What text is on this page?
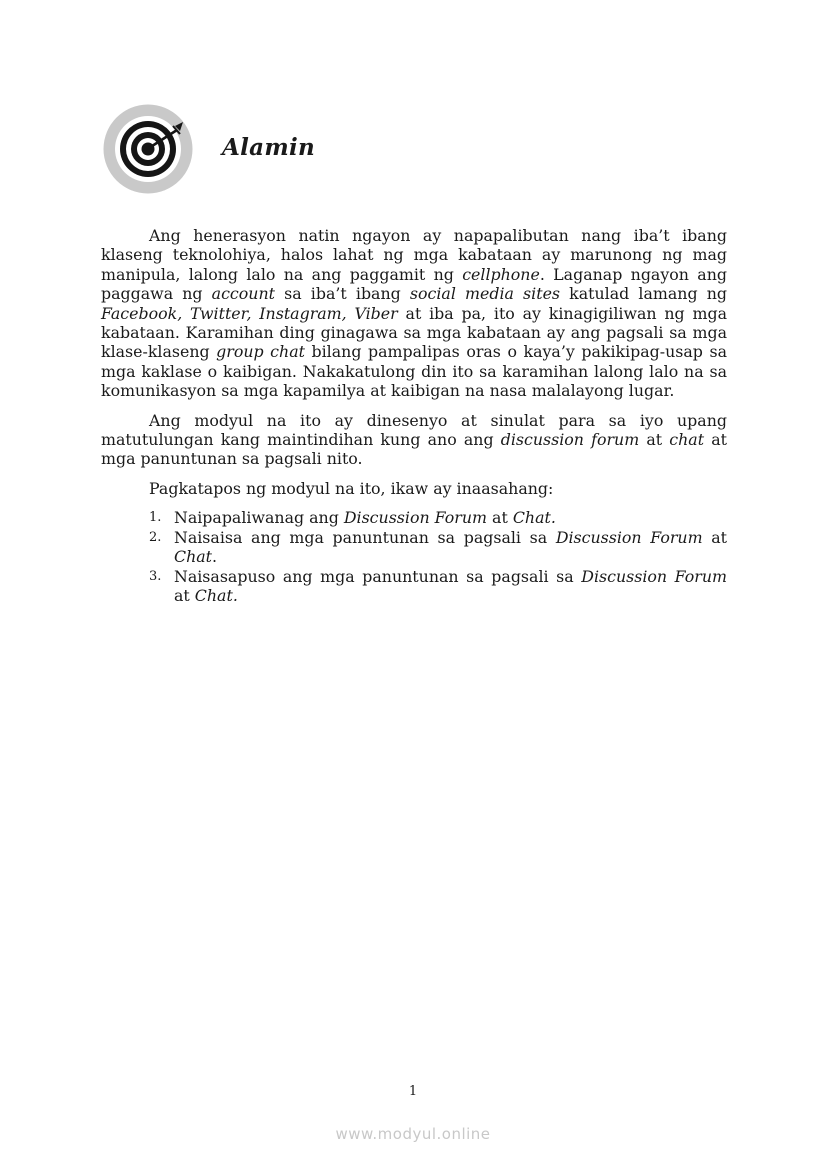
Alamin

Ang henerasyon natin ngayon ay napapalibutan nang iba’t ibang klaseng teknolohiya, halos lahat ng mga kabataan ay marunong ng mag manipula, lalong lalo na ang paggamit ng cellphone. Laganap ngayon ang paggawa ng account sa iba’t ibang social media sites katulad lamang ng Facebook, Twitter, Instagram, Viber at iba pa, ito ay kinagigiliwan ng mga kabataan. Karamihan ding ginagawa sa mga kabataan ay ang pagsali sa mga klase-klaseng group chat bilang pampalipas oras o kaya’y pakikipag-usap sa mga kaklase o kaibigan. Nakakatulong din ito sa karamihan lalong lalo na sa komunikasyon sa mga kapamilya at kaibigan na nasa malalayong lugar.

Ang modyul na ito ay dinesenyo at sinulat para sa iyo upang matutulungan kang maintindihan kung ano ang discussion forum at chat at mga panuntunan sa pagsali nito.

Pagkatapos ng modyul na ito, ikaw ay inaasahang:

1. Naipapaliwanag ang Discussion Forum at Chat.
2. Naisaisa ang mga panuntunan sa pagsali sa Discussion Forum at Chat.
3. Naisasapuso ang mga panuntunan sa pagsali sa Discussion Forum at Chat.
1
www.modyul.online
